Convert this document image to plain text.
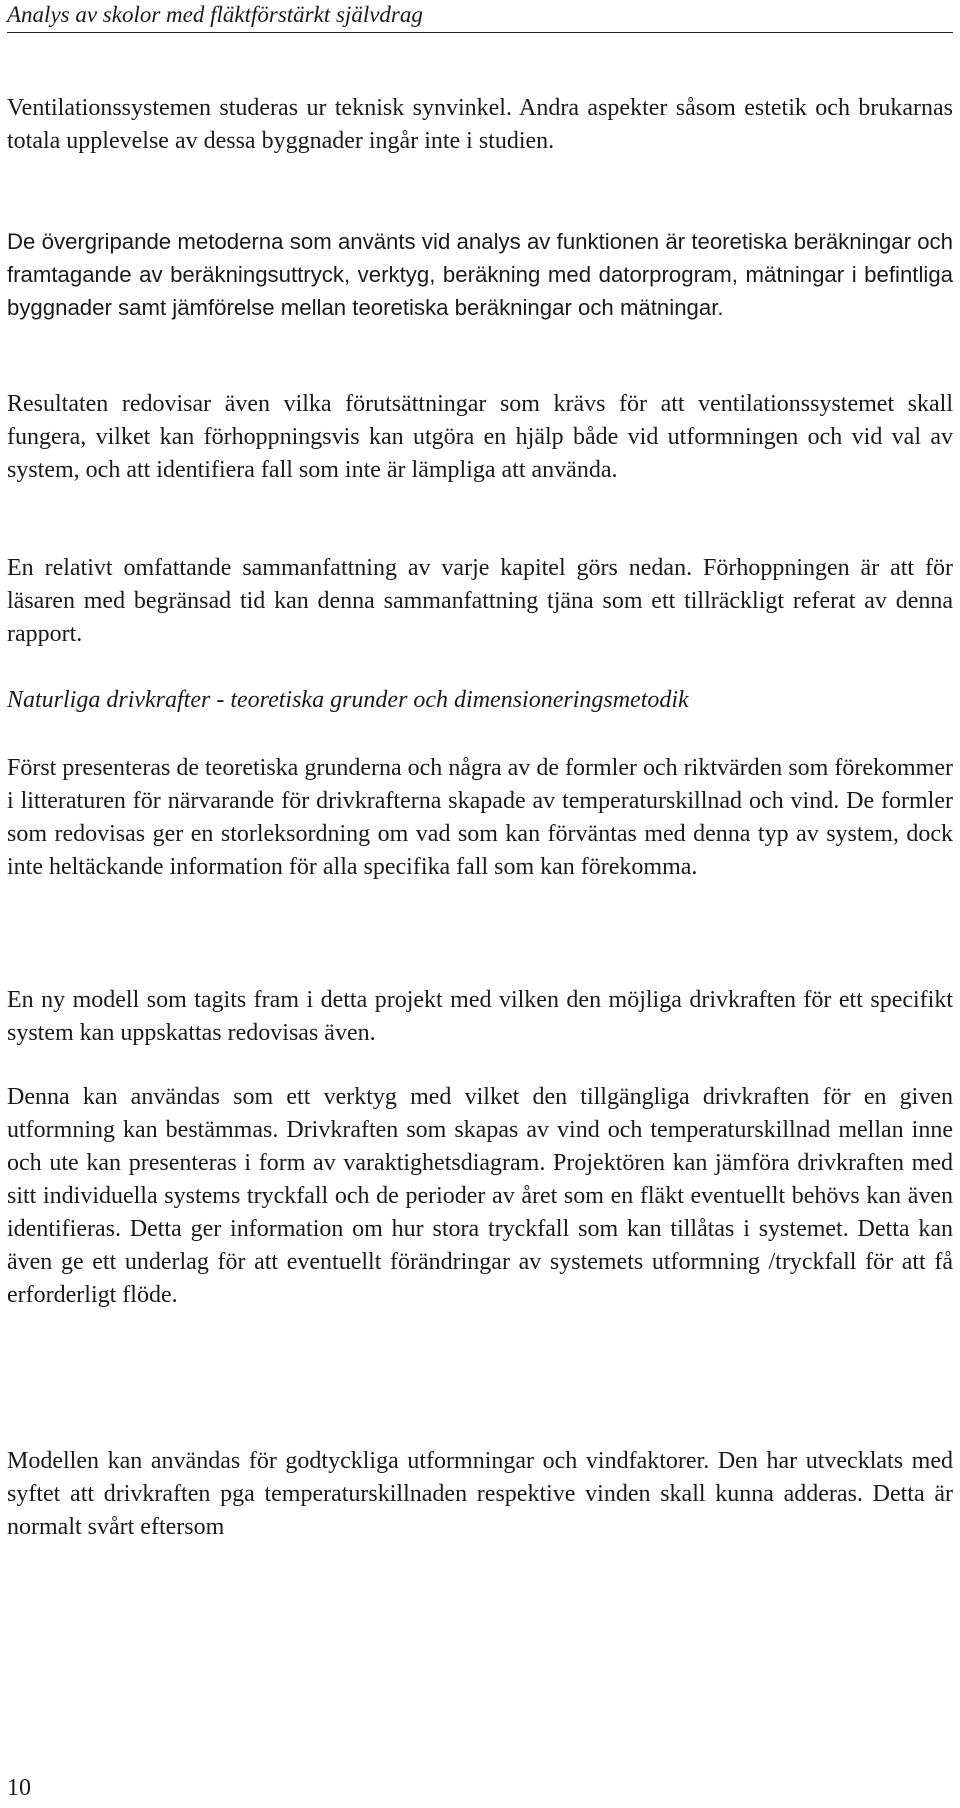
Analys av skolor med fläktförstärkt självdrag

Ventilationssystemen studeras ur teknisk synvinkel. Andra aspekter såsom estetik och brukarnas totala upplevelse av dessa byggnader ingår inte i studien.

De övergripande metoderna som använts vid analys av funktionen är teoretiska beräkningar och framtagande av beräkningsuttryck, verktyg, beräkning med datorprogram, mätningar i befintliga byggnader samt jämförelse mellan teoretiska beräkningar och mätningar.

Resultaten redovisar även vilka förutsättningar som krävs för att ventilationssystemet skall fungera, vilket kan förhoppningsvis kan utgöra en hjälp både vid utformningen och vid val av system, och att identifiera fall som inte är lämpliga att använda.

En relativt omfattande sammanfattning av varje kapitel görs nedan. Förhoppningen är att för läsaren med begränsad tid kan denna sammanfattning tjäna som ett tillräckligt referat av denna rapport.

Naturliga drivkrafter - teoretiska grunder och dimensioneringsmetodik

Först presenteras de teoretiska grunderna och några av de formler och riktvärden som förekommer i litteraturen för närvarande för drivkrafterna skapade av temperaturskillnad och vind. De formler som redovisas ger en storleksordning om vad som kan förväntas med denna typ av system, dock inte heltäckande information för alla specifika fall som kan förekomma.

En ny modell som tagits fram i detta projekt med vilken den möjliga drivkraften för ett specifikt system kan uppskattas redovisas även.

Denna kan användas som ett verktyg med vilket den tillgängliga drivkraften för en given utformning kan bestämmas. Drivkraften som skapas av vind och temperaturskillnad mellan inne och ute kan presenteras i form av varaktighetsdiagram. Projektören kan jämföra drivkraften med sitt individuella systems tryckfall och de perioder av året som en fläkt eventuellt behövs kan även identifieras. Detta ger information om hur stora tryckfall som kan tillåtas i systemet. Detta kan även ge ett underlag för att eventuellt förändringar av systemets utformning /tryckfall för att få erforderligt flöde.

Modellen kan användas för godtyckliga utformningar och vindfaktorer. Den har utvecklats med syftet att drivkraften pga temperaturskillnaden respektive vinden skall kunna adderas. Detta är normalt svårt eftersom

10
